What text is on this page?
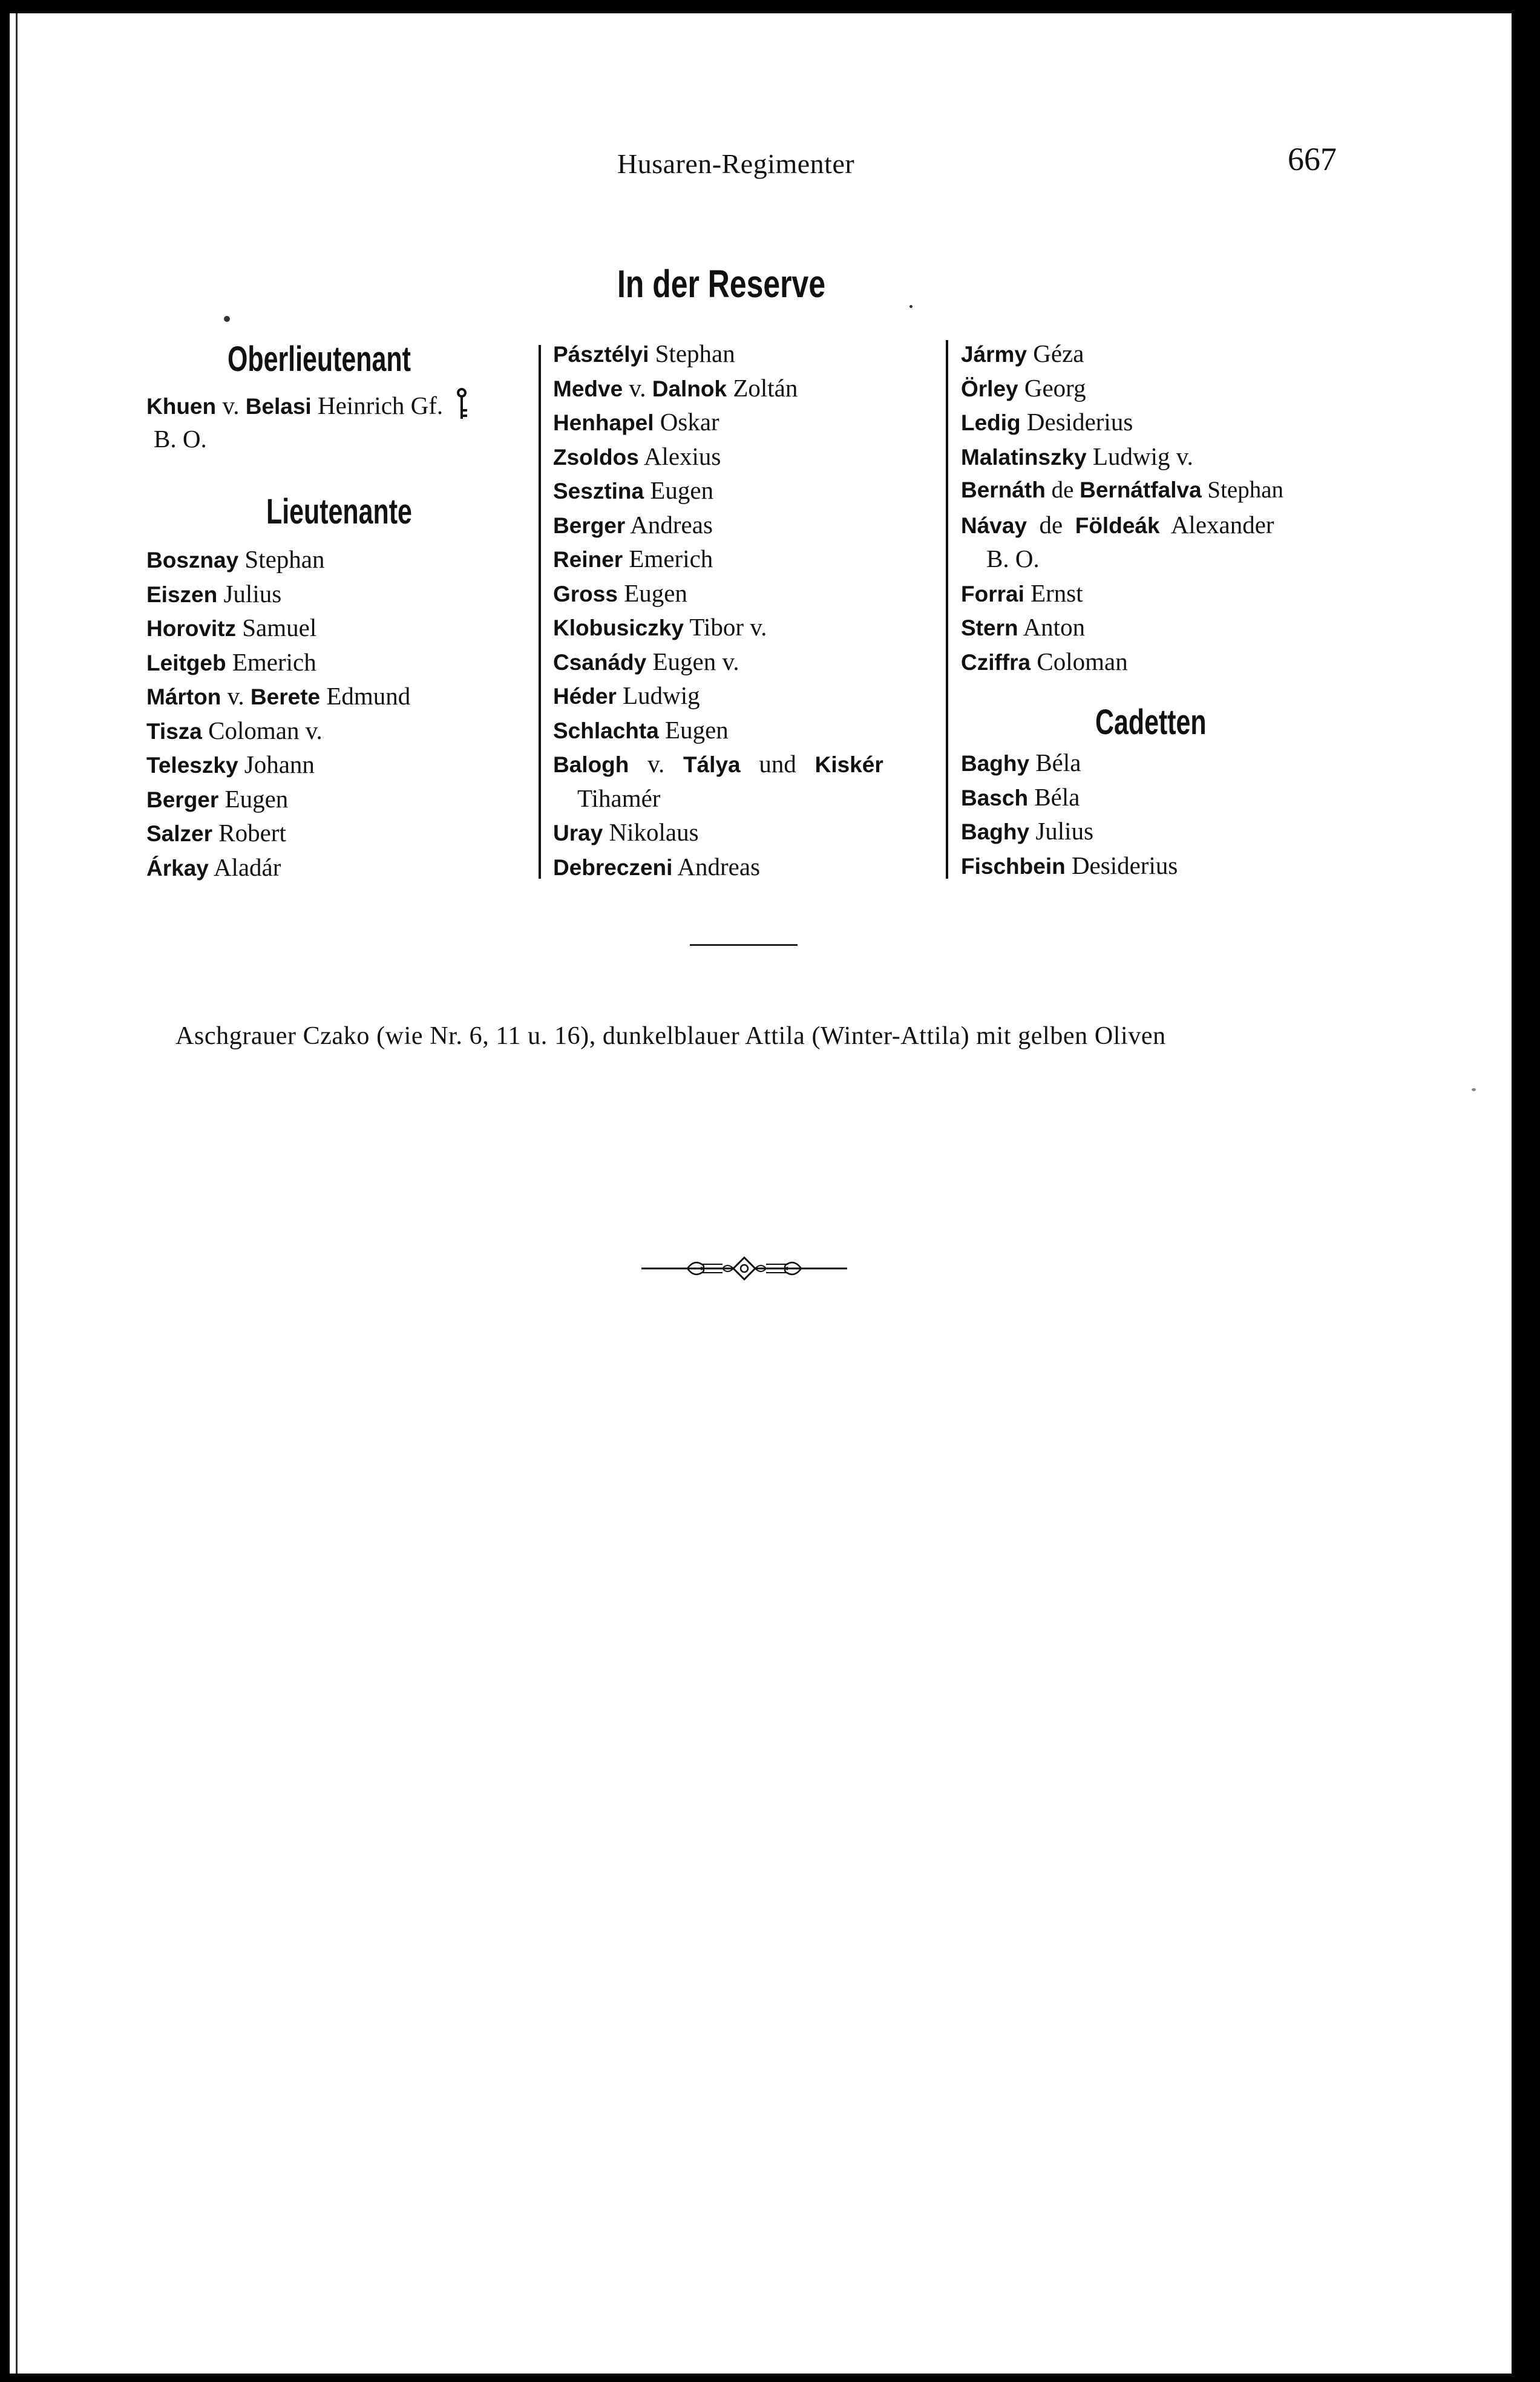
Husaren-Regimenter	667
In der Reserve
Oberlieutenant
Khuen v. Belasi Heinrich Gf.
B. O.
Lieutenante
Bosznay Stephan
Eiszen Julius
Horovitz Samuel
Leitgeb Emerich
Márton v. Berete Edmund
Tisza Coloman v.
Teleszky Johann
Berger Eugen
Salzer Robert
Árkay Aladár
Pásztélyi Stephan
Medve v. Dalnok Zoltán
Henhapel Oskar
Zsoldos Alexius
Sesztina Eugen
Berger Andreas
Reiner Emerich
Gross Eugen
Klobusiczky Tibor v.
Csanády Eugen v.
Héder Ludwig
Schlachta Eugen
Balogh v. Tálya und Kiskér
Tihamér
Uray Nikolaus
Debreczeni Andreas
Jármy Géza
Örley Georg
Ledig Desiderius
Malatinszky Ludwig v.
Bernáth de Bernátfalva Stephan
Návay de Földeák Alexander
B. O.
Forrai Ernst
Stern Anton
Cziffra Coloman
Cadetten
Baghy Béla
Basch Béla
Baghy Julius
Fischbein Desiderius
Aschgrauer Czako (wie Nr. 6, 11 u. 16), dunkelblauer Attila (Winter-Attila) mit gelben Oliven
